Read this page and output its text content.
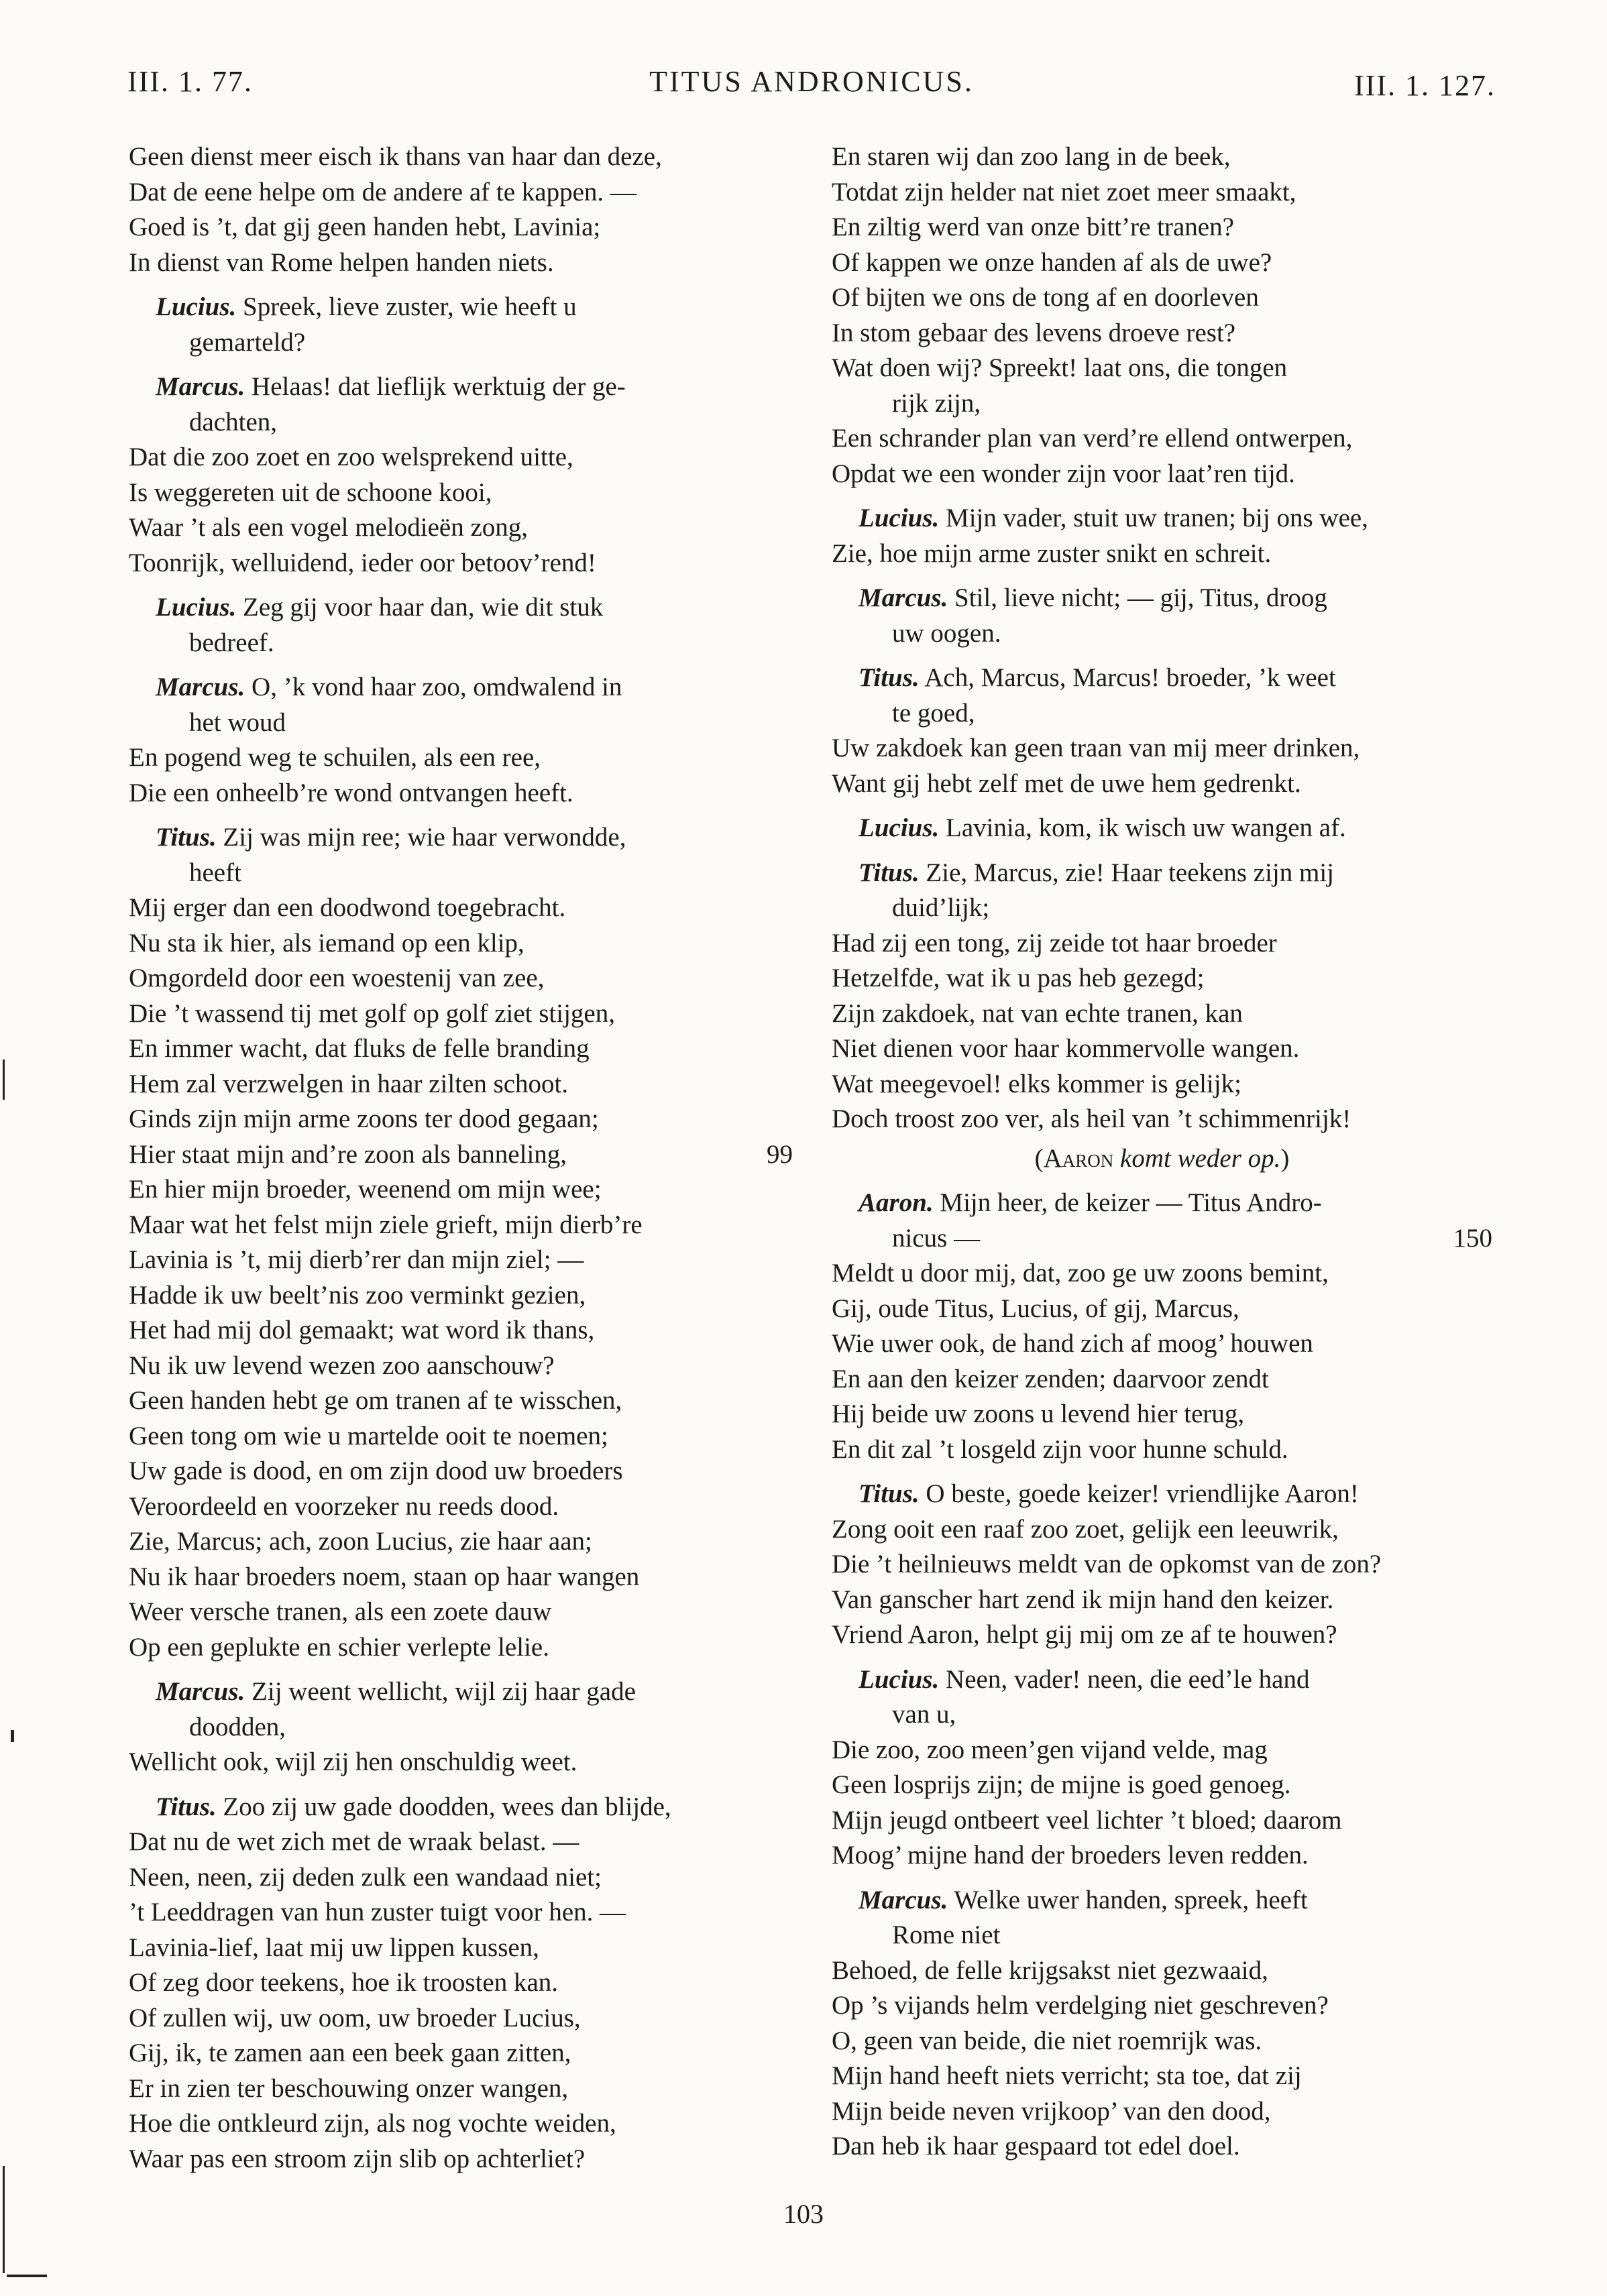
III. 1. 77.	TITUS ANDRONICUS.	III. 1. 127.
Geen dienst meer eisch ik thans van haar dan deze,
Dat de eene helpe om de andere af te kappen. —
Goed is ’t, dat gij geen handen hebt, Lavinia;
In dienst van Rome helpen handen niets.
Lucius. Spreek, lieve zuster, wie heeft u
gemarteld?
Marcus. Helaas! dat lieflijk werktuig der ge-
dachten,
Dat die zoo zoet en zoo welsprekend uitte,
Is weggereten uit de schoone kooi,
Waar ’t als een vogel melodieën zong,
Toonrijk, welluidend, ieder oor betoov’rend!
Lucius. Zeg gij voor haar dan, wie dit stuk
bedreef.
Marcus. O, ’k vond haar zoo, omdwalend in
het woud
En pogend weg te schuilen, als een ree,
Die een onheelb’re wond ontvangen heeft.
Titus. Zij was mijn ree; wie haar verwondde,
heeft
Mij erger dan een doodwond toegebracht.
Nu sta ik hier, als iemand op een klip,
Omgordeld door een woestenij van zee,
Die ’t wassend tij met golf op golf ziet stijgen,
En immer wacht, dat fluks de felle branding
Hem zal verzwelgen in haar zilten schoot.
Ginds zijn mijn arme zoons ter dood gegaan;
Hier staat mijn and’re zoon als banneling,	99
En hier mijn broeder, weenend om mijn wee;
Maar wat het felst mijn ziele grieft, mijn dierb’re
Lavinia is ’t, mij dierb’rer dan mijn ziel; —
Hadde ik uw beelt’nis zoo verminkt gezien,
Het had mij dol gemaakt; wat word ik thans,
Nu ik uw levend wezen zoo aanschouw?
Geen handen hebt ge om tranen af te wisschen,
Geen tong om wie u martelde ooit te noemen;
Uw gade is dood, en om zijn dood uw broeders
Veroordeeld en voorzeker nu reeds dood.
Zie, Marcus; ach, zoon Lucius, zie haar aan;
Nu ik haar broeders noem, staan op haar wangen
Weer versche tranen, als een zoete dauw
Op een geplukte en schier verlepte lelie.
Marcus. Zij weent wellicht, wijl zij haar gade
doodden,
Wellicht ook, wijl zij hen onschuldig weet.
Titus. Zoo zij uw gade doodden, wees dan blijde,
Dat nu de wet zich met de wraak belast. —
Neen, neen, zij deden zulk een wandaad niet;
’t Leeddragen van hun zuster tuigt voor hen. —
Lavinia-lief, laat mij uw lippen kussen,
Of zeg door teekens, hoe ik troosten kan.
Of zullen wij, uw oom, uw broeder Lucius,
Gij, ik, te zamen aan een beek gaan zitten,
Er in zien ter beschouwing onzer wangen,
Hoe die ontkleurd zijn, als nog vochte weiden,
Waar pas een stroom zijn slib op achterliet?
En staren wij dan zoo lang in de beek,
Totdat zijn helder nat niet zoet meer smaakt,
En ziltig werd van onze bitt’re tranen?
Of kappen we onze handen af als de uwe?
Of bijten we ons de tong af en doorleven
In stom gebaar des levens droeve rest?
Wat doen wij? Spreekt! laat ons, die tongen
rijk zijn,
Een schrander plan van verd’re ellend ontwerpen,
Opdat we een wonder zijn voor laat’ren tijd.
Lucius. Mijn vader, stuit uw tranen; bij ons wee,
Zie, hoe mijn arme zuster snikt en schreit.
Marcus. Stil, lieve nicht; — gij, Titus, droog
uw oogen.
Titus. Ach, Marcus, Marcus! broeder, ’k weet
te goed,
Uw zakdoek kan geen traan van mij meer drinken,
Want gij hebt zelf met de uwe hem gedrenkt.
Lucius. Lavinia, kom, ik wisch uw wangen af.
Titus. Zie, Marcus, zie! Haar teekens zijn mij
duid’lijk;
Had zij een tong, zij zeide tot haar broeder
Hetzelfde, wat ik u pas heb gezegd;
Zijn zakdoek, nat van echte tranen, kan
Niet dienen voor haar kommervolle wangen.
Wat meegevoel! elks kommer is gelijk;
Doch troost zoo ver, als heil van ’t schimmenrijk!
(Aaron komt weder op.)
Aaron. Mijn heer, de keizer — Titus Andro-
nicus —	150
Meldt u door mij, dat, zoo ge uw zoons bemint,
Gij, oude Titus, Lucius, of gij, Marcus,
Wie uwer ook, de hand zich af moog’ houwen
En aan den keizer zenden; daarvoor zendt
Hij beide uw zoons u levend hier terug,
En dit zal ’t losgeld zijn voor hunne schuld.
Titus. O beste, goede keizer! vriendlijke Aaron!
Zong ooit een raaf zoo zoet, gelijk een leeuwrik,
Die ’t heilnieuws meldt van de opkomst van de zon?
Van ganscher hart zend ik mijn hand den keizer.
Vriend Aaron, helpt gij mij om ze af te houwen?
Lucius. Neen, vader! neen, die eed’le hand
van u,
Die zoo, zoo meen’gen vijand velde, mag
Geen losprijs zijn; de mijne is goed genoeg.
Mijn jeugd ontbeert veel lichter ’t bloed; daarom
Moog’ mijne hand der broeders leven redden.
Marcus. Welke uwer handen, spreek, heeft
Rome niet
Behoed, de felle krijgsakst niet gezwaaid,
Op ’s vijands helm verdelging niet geschreven?
O, geen van beide, die niet roemrijk was.
Mijn hand heeft niets verricht; sta toe, dat zij
Mijn beide neven vrijkoop’ van den dood,
Dan heb ik haar gespaard tot edel doel.
103
